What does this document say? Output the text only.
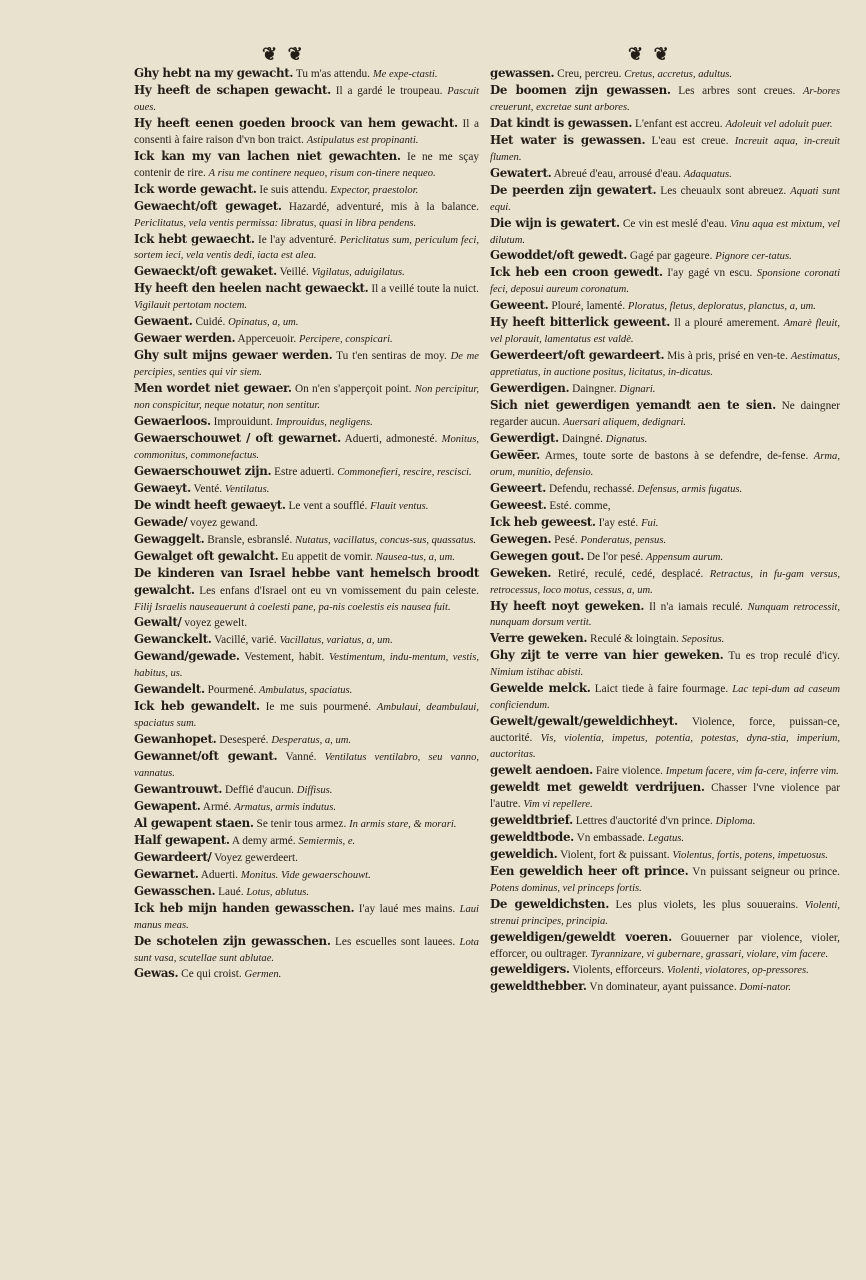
❦ ❦	❦ ❦

Ghy hebt na my gewacht. Tu m'as attendu. Me expe-ctasti.

Hy heeft de schapen gewacht. Il a gardé le troupeau. Pascuit oues.

Hy heeft eenen goeden broock van hem gewacht. Il a consenti à faire raison d'vn bon traict. Astipulatus est propinanti.

Ick kan my van lachen niet gewachten. Ie ne me sçay contenir de rire. A risu me continere nequeo, risum con-tinere nequeo.

Ick worde gewacht. Ie suis attendu. Expector, praestolor.

Gewaecht/oft gewaget. Hazardé, adventuré, mis à la balance. Periclitatus, vela ventis permissa: libratus, quasi in libra pendens.

Ick hebt gewaecht. Ie l'ay adventuré. Periclitatus sum, periculum feci, sortem ieci, vela ventis dedi, iacta est alea.

Gewaeckt/oft gewaket. Veillé. Vigilatus, aduigilatus.

Hy heeft den heelen nacht gewaeckt. Il a veillé toute la nuict. Vigilauit pertotam noctem.

Gewaent. Cuidé. Opinatus, a, um.

Gewaer werden. Apperceuoir. Percipere, conspicari.

Ghy sult mijns gewaer werden. Tu t'en sentiras de moy. De me percipies, senties qui vir siem.

Men wordet niet gewaer. On n'en s'apperçoit point. Non percipitur, non conspicitur, neque notatur, non sentitur.

Gewaerloos. Improuidunt. Improuidus, negligens.

Gewaerschouwet / oft gewarnet. Aduerti, admonesté. Monitus, commonitus, commonefactus.

Gewaerschouwet zijn. Estre aduerti. Commonefieri, rescire, rescisci.

Gewaeyt. Venté. Ventilatus.

De windt heeft gewaeyt. Le vent a soufflé. Flauit ventus.

Gewade/ voyez gewand.

Gewaggelt. Bransle, esbranslé. Nutatus, vacillatus, concus-sus, quassatus.

Gewalget oft gewalcht. Eu appetit de vomir. Nausea-tus, a, um.

De kinderen van Israel hebbe vant hemelsch broodt gewalcht. Les enfans d'Israel ont eu vn vomissement du pain celeste. Filij Israelis nauseauerunt à coelesti pane, pa-nis coelestis eis nausea fuit.

Gewalt/ voyez gewelt.

Gewanckelt. Vacillé, varié. Vacillatus, variatus, a, um.

Gewand/gewade. Vestement, habit. Vestimentum, indu-mentum, vestis, habitus, us.

Gewandelt. Pourmené. Ambulatus, spaciatus.

Ick heb gewandelt. Ie me suis pourmené. Ambulaui, deambulaui, spaciatus sum.

Gewanhopet. Desesperé. Desperatus, a, um.

Gewannet/oft gewant. Vanné. Ventilatus ventilabro, seu vanno, vannatus.

Gewantrouwt. Deffié d'aucun. Diffisus.

Gewapent. Armé. Armatus, armis indutus.

Al gewapent staen. Se tenir tous armez. In armis stare, & morari.

Half gewapent. A demy armé. Semiermis, e.

Gewardeert/ Voyez gewerdeert.

Gewarnet. Aduerti. Monitus. Vide gewaerschouwt.

Gewasschen. Laué. Lotus, ablutus.

Ick heb mijn handen gewasschen. I'ay laué mes mains. Laui manus meas.

De schotelen zijn gewasschen. Les escuelles sont lauees. Lota sunt vasa, scutellae sunt ablutae.

Gewas. Ce qui croist. Germen.

gewassen. Creu, percreu. Cretus, accretus, adultus.

De boomen zijn gewassen. Les arbres sont creues. Ar-bores creuerunt, excretae sunt arbores.

Dat kindt is gewassen. L'enfant est accreu. Adoleuit vel adoluit puer.

Het water is gewassen. L'eau est creue. Increuit aqua, in-creuit flumen.

Gewatert. Abreué d'eau, arrousé d'eau. Adaquatus.

De peerden zijn gewatert. Les cheuaulx sont abreuez. Aquati sunt equi.

Die wijn is gewatert. Ce vin est meslé d'eau. Vinu aqua est mixtum, vel dilutum.

Gewoddet/oft gewedt. Gagé par gageure. Pignore cer-tatus.

Ick heb een croon gewedt. I'ay gagé vn escu. Sponsione coronati feci, deposui aureum coronatum.

Geweent. Plouré, lamenté. Ploratus, fletus, deploratus, planctus, a, um.

Hy heeft bitterlick geweent. Il a plouré amerement. Amarè fleuit, vel plorauit, lamentatus est valdè.

Gewerdeert/oft gewardeert. Mis à pris, prisé en ven-te. Aestimatus, appretiatus, in auctione positus, licitatus, in-dicatus.

Gewerdigen. Daingner. Dignari.

Sich niet gewerdigen yemandt aen te sien. Ne daingner regarder aucun. Auersari aliquem, dedignari.

Gewerdigt. Daingné. Dignatus.

Gewe̅er. Armes, toute sorte de bastons à se defendre, de-fense. Arma, orum, munitio, defensio.

Geweert. Defendu, rechassé. Defensus, armis fugatus.

Geweest. Esté. comme,

Ick heb geweest. I'ay esté. Fui.

Gewegen. Pesé. Ponderatus, pensus.

Gewegen gout. De l'or pesé. Appensum aurum.

Geweken. Retiré, reculé, cedé, desplacé. Retractus, in fu-gam versus, retrocessus, loco motus, cessus, a, um.

Hy heeft noyt geweken. Il n'a iamais reculé. Nunquam retrocessit, nunquam dorsum vertit.

Verre geweken. Reculé & loingtain. Sepositus.

Ghy zijt te verre van hier geweken. Tu es trop reculé d'icy. Nimium istihac abisti.

Gewelde melck. Laict tiede à faire fourmage. Lac tepi-dum ad caseum conficiendum.

Gewelt/gewalt/geweldichheyt. Violence, force, puissan-ce, auctorité. Vis, violentia, impetus, potentia, potestas, dyna-stia, imperium, auctoritas.

gewelt aendoen. Faire violence. Impetum facere, vim fa-cere, inferre vim.

geweldt met geweldt verdrijuen. Chasser l'vne violence par l'autre. Vim vi repellere.

geweldtbrief. Lettres d'auctorité d'vn prince. Diploma.

geweldtbode. Vn embassade. Legatus.

geweldich. Violent, fort & puissant. Violentus, fortis, potens, impetuosus.

Een geweldich heer oft prince. Vn puissant seigneur ou prince. Potens dominus, vel princeps fortis.

De geweldichsten. Les plus violets, les plus souuerains. Violenti, strenui principes, principia.

geweldigen/geweldt voeren. Gouuerner par violence, violer, efforcer, ou oultrager. Tyrannizare, vi gubernare, grassari, violare, vim facere.

geweldigers. Violents, efforceurs. Violenti, violatores, op-pressores.

geweldthebber. Vn dominateur, ayant puissance. Domi-nator.
